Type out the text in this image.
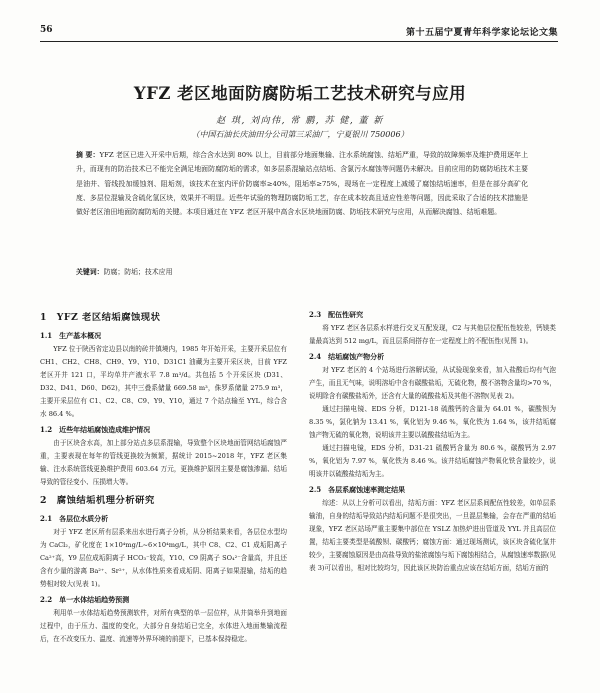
56	第十五届宁夏青年科学家论坛论文集
YFZ 老区地面防腐防垢工艺技术研究与应用
赵 琪, 刘向伟, 常 鹏, 苏 健, 董 新
（中国石油长庆油田分公司第三采油厂，宁夏银川 750006）
摘 要：YFZ 老区已进入开采中后期，综合含水达到 80% 以上，目前部分地面集输、注水系统腐蚀、结垢严重，导致的故障频率及维护费用逐年上升，而现有的防治技术已不能完全满足地面防腐防垢的需求，如多层系混输站点结垢、含氯污水腐蚀等问题仍未解决。目前应用的防腐防垢技术主要是油井、管线投加缓蚀剂、阻垢剂，该技术在室内评价防腐率≥40%，阻垢率≥75%，现场在一定程度上减缓了腐蚀结垢速率，但是在部分高矿化度、多层位混输及含硫化氢区块，效果并不明显。近些年试验的物理防腐防垢工艺，存在成本较高且适应性差等问题，因此采取了合适的技术措施是做好老区油田地面防腐防垢的关键。本项目通过在 YFZ 老区开展中高含水区块地面防腐、防垢技术研究与应用，从而解决腐蚀、结垢难题。
关键词：防腐；防垢；技术应用
1　YFZ 老区结垢腐蚀现状
1.1　生产基本概况

YFZ 位于陕西省定边县以南的砖井镇境内，1985 年开始开采，主要开采层位有 CH1、CH2、CH8、CH9、Y9、Y10、D31C1 油藏为主要开采区块，目前 YFZ 老区开井 121 口，平均单井产液水平 7.8 m³/d。共包括 5 个开采区块 (D31、D32、D41、D60、D62)，其中三叠系储量 669.58 m³，侏罗系储量 275.9 m³，主要开采层位有 C1、C2、C8、C9、Y9、Y10，通过 7 个站点输至 YYL，综合含水 86.4 %。

1.2　近些年结垢腐蚀造成维护情况

由于区块含水高，加上部分站点多层系混输，导致整个区块地面管网结垢腐蚀严重，主要表现在每年的管线更换较为频繁，据统计 2015~2018 年，YFZ 老区集输、注水系统管线更换维护费用 603.64 万元，更换维护原因主要是腐蚀渗漏、结垢导致的管径变小、压损增大等。

2　腐蚀结垢机理分析研究
2.1　各层位水质分析

对于 YFZ 老区所有层系来出水进行离子分析，从分析结果来看，各层位水型均为 CaCl₂，矿化度在 1×10⁴mg/L~6×10⁴mg/L，其中 C8、C2、C1 成垢阳离子 Ca²⁺高，Y9 层位成垢阴离子 HCO₃⁻较高，Y10、C9 阴离子 SO₄²⁻含量高，并且还含有少量的游离 Ba²⁺、Sr²⁺，从水体性质来看成垢阴、阳离子如果混输，结垢的趋势相对较大(见表 1)。

2.2　单一水体结垢趋势预测

利用单一水体结垢趋势预测软件，对所有典型的单一层位样，从井筒举升到地面过程中，由于压力、温度的变化，大部分自身结垢已完全，水体进入地面集输流程后，在不改变压力、温度、流速等外界环境的前提下，已基本保持稳定。

2.3　配伍性研究

将 YFZ 老区各层系水样进行交叉互配发现，C2 与其他层位配伍性较差，钙镁类量最高达到 512 mg/L，而且层系间搭存在一定程度上的不配伍性(见图 1)。

2.4　结垢腐蚀产物分析

对 YFZ 老区的 4 个站场进行溶解试验，从试验现象来看，加入盐酸后均有气泡产生，而且无气味，说明溶垢中含有碳酸盐垢，无硫化物，酸不溶物含量均>70 %，说明除含有碳酸盐垢外，还含有大量的硫酸盐垢及其他不溶物(见表 2)。

通过扫描电镜、EDS 分析，D121-18 硫酸钙的含量为 64.01 %，碳酸钡为 8.35 %，氯化钠为 13.41 %，氧化铝为 9.46 %，氧化铁为 1.64 %，该井结垢腐蚀产物无硫的氧化物，说明该井主要以硫酸盐结垢为主。

通过扫描电镜，EDS 分析，D31-21 硫酸钙含量为 80.6 %，碳酸钙为 2.97 %，氧化铝为 7.97 %，氧化铁为 8.46 %。该井结垢腐蚀产物氧化铁含量较少，说明该井以硫酸盐结垢为主。

2.5　各层系腐蚀速率测定结果

综述：从以上分析可以看出，结垢方面：YFZ 老区层系间配伍性较差，如单层系输油，自身的结垢导致站内结垢问题不是很突出，一旦混层集输，会存在严重的结垢现象，YFZ 老区站场严重主要集中部位在 YSLZ 加热炉进出管道及 YYL 并且高层位置，结垢主要类型是硫酸钡、碳酸钙；腐蚀方面：通过现场测试，该区块含硫化氢井较少，主要腐蚀原因是由高盐导致的盐浓腐蚀与垢下腐蚀相结合，从腐蚀速率数据(见表 3)可以看出，相对比较均匀，因此该区块防治重点应该在结垢方面，结垢方面的
